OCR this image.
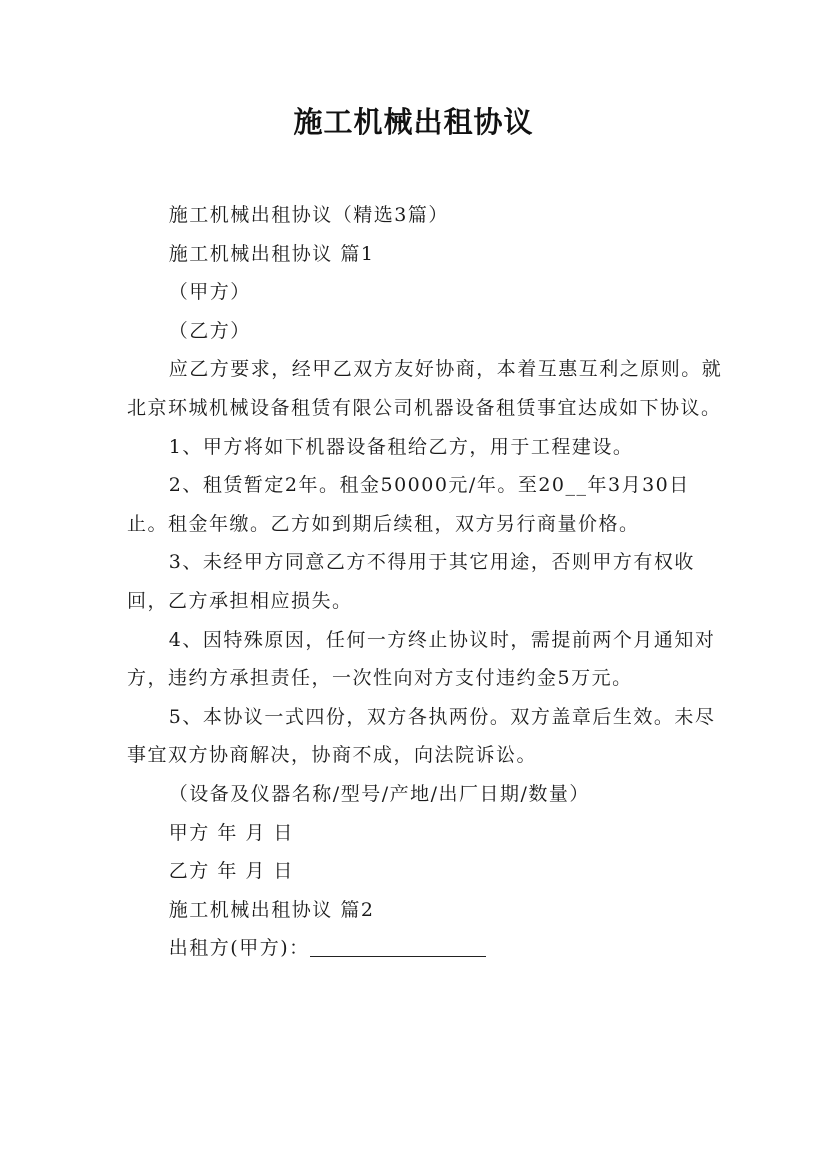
施工机械出租协议

施工机械出租协议（精选3篇）

施工机械出租协议 篇1

（甲方）

（乙方）

应乙方要求，经甲乙双方友好协商，本着互惠互利之原则。就北京环城机械设备租赁有限公司机器设备租赁事宜达成如下协议。

1、甲方将如下机器设备租给乙方，用于工程建设。

2、租赁暂定2年。租金50000元/年。至20__年3月30日止。租金年缴。乙方如到期后续租，双方另行商量价格。

3、未经甲方同意乙方不得用于其它用途，否则甲方有权收回，乙方承担相应损失。

4、因特殊原因，任何一方终止协议时，需提前两个月通知对方，违约方承担责任，一次性向对方支付违约金5万元。

5、本协议一式四份，双方各执两份。双方盖章后生效。未尽事宜双方协商解决，协商不成，向法院诉讼。

（设备及仪器名称/型号/产地/出厂日期/数量）

甲方 年 月 日

乙方 年 月 日

施工机械出租协议 篇2

出租方(甲方)：
